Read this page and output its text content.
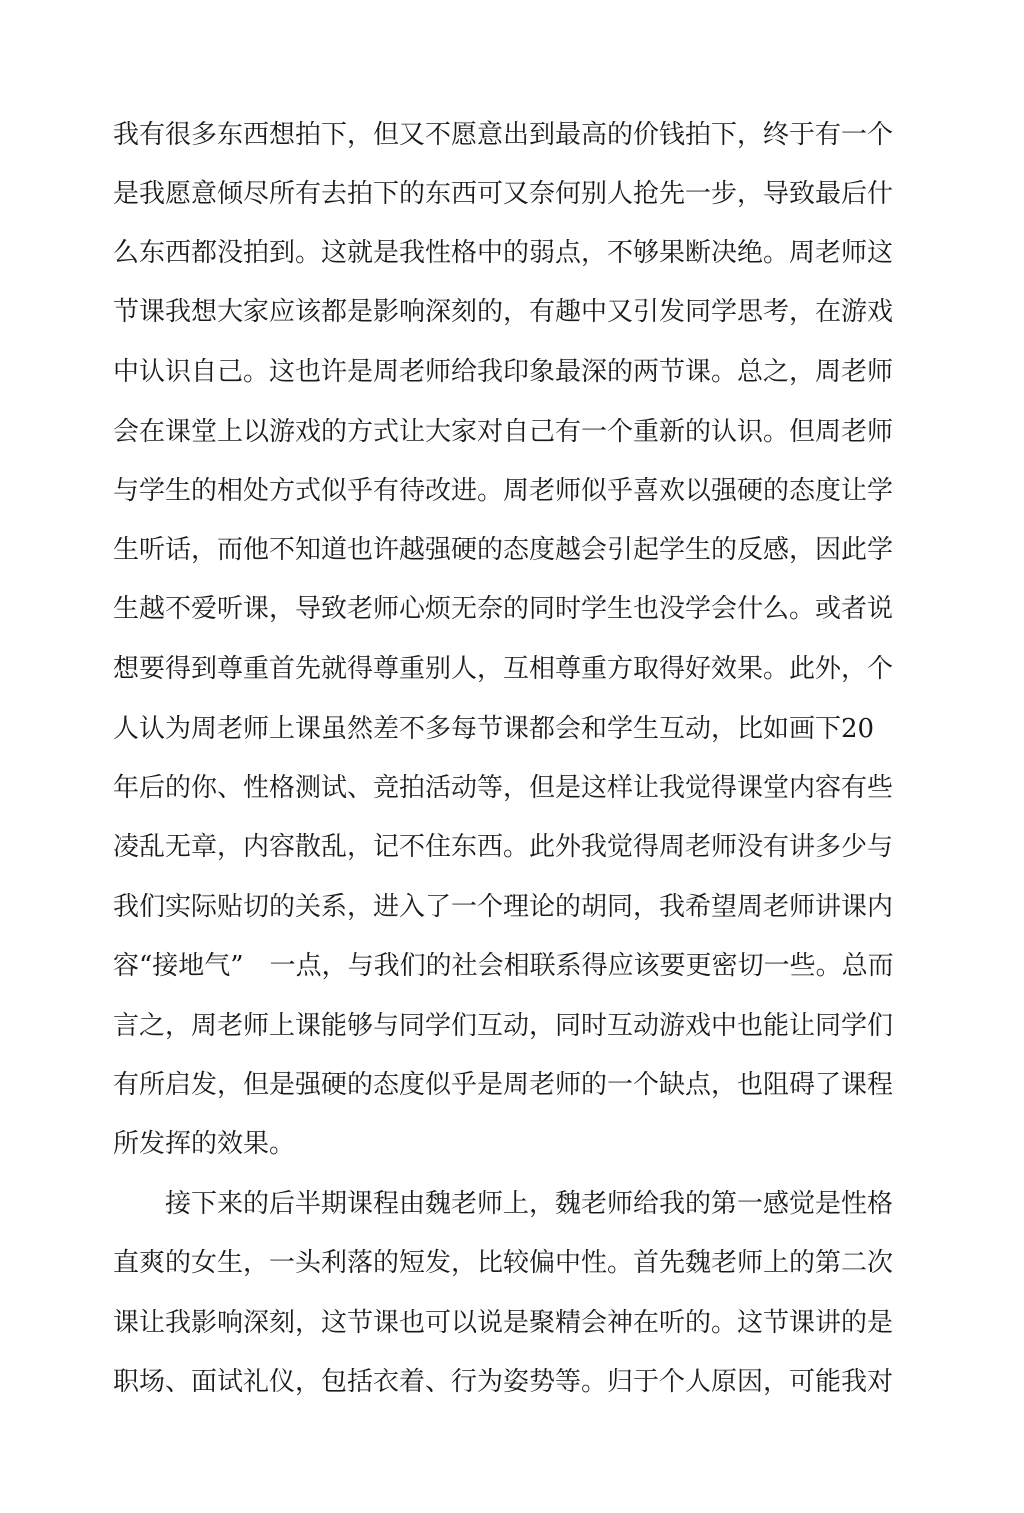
我有很多东西想拍下，但又不愿意出到最高的价钱拍下，终于有一个
是我愿意倾尽所有去拍下的东西可又奈何别人抢先一步，导致最后什
么东西都没拍到。这就是我性格中的弱点，不够果断决绝。周老师这
节课我想大家应该都是影响深刻的，有趣中又引发同学思考，在游戏
中认识自己。这也许是周老师给我印象最深的两节课。总之，周老师
会在课堂上以游戏的方式让大家对自己有一个重新的认识。但周老师
与学生的相处方式似乎有待改进。周老师似乎喜欢以强硬的态度让学
生听话，而他不知道也许越强硬的态度越会引起学生的反感，因此学
生越不爱听课，导致老师心烦无奈的同时学生也没学会什么。或者说
想要得到尊重首先就得尊重别人，互相尊重方取得好效果。此外，个
人认为周老师上课虽然差不多每节课都会和学生互动，比如画下20
年后的你、性格测试、竞拍活动等，但是这样让我觉得课堂内容有些
凌乱无章，内容散乱，记不住东西。此外我觉得周老师没有讲多少与
我们实际贴切的关系，进入了一个理论的胡同，我希望周老师讲课内
容“接地气”　一点，与我们的社会相联系得应该要更密切一些。总而
言之，周老师上课能够与同学们互动，同时互动游戏中也能让同学们
有所启发，但是强硬的态度似乎是周老师的一个缺点，也阻碍了课程
所发挥的效果。
　　接下来的后半期课程由魏老师上，魏老师给我的第一感觉是性格
直爽的女生，一头利落的短发，比较偏中性。首先魏老师上的第二次
课让我影响深刻，这节课也可以说是聚精会神在听的。这节课讲的是
职场、面试礼仪，包括衣着、行为姿势等。归于个人原因，可能我对
